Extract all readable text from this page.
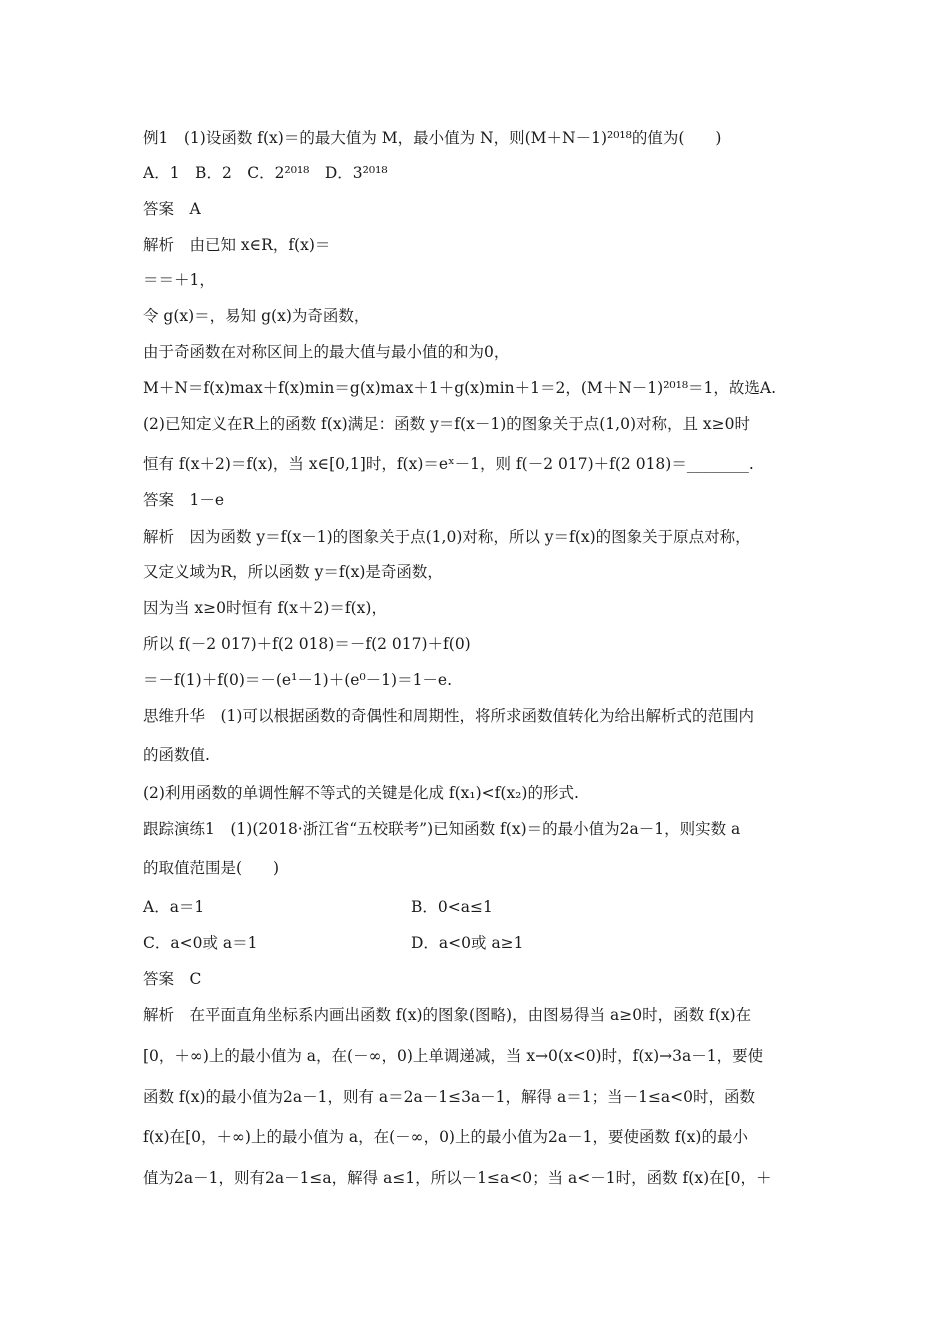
例1　(1)设函数 f(x)＝的最大值为 M，最小值为 N，则(M＋N－1)²⁰¹⁸的值为(　　)
A．1　B．2　C．2²⁰¹⁸　D．3²⁰¹⁸
答案　A
解析　由已知 x∈R，f(x)＝
＝＝＋1，
令 g(x)＝，易知 g(x)为奇函数，
由于奇函数在对称区间上的最大值与最小值的和为0，
M＋N＝f(x)max＋f(x)min＝g(x)max＋1＋g(x)min＋1＝2，(M＋N－1)²⁰¹⁸＝1，故选A.
(2)已知定义在R上的函数 f(x)满足：函数 y＝f(x－1)的图象关于点(1,0)对称，且 x≥0时
恒有 f(x＋2)＝f(x)，当 x∈[0,1]时，f(x)＝eˣ－1，则 f(－2 017)＋f(2 018)＝________.
答案　1－e
解析　因为函数 y＝f(x－1)的图象关于点(1,0)对称，所以 y＝f(x)的图象关于原点对称，
又定义域为R，所以函数 y＝f(x)是奇函数，
因为当 x≥0时恒有 f(x＋2)＝f(x)，
所以 f(－2 017)＋f(2 018)＝－f(2 017)＋f(0)
＝－f(1)＋f(0)＝－(e¹－1)＋(e⁰－1)＝1－e.
思维升华　(1)可以根据函数的奇偶性和周期性，将所求函数值转化为给出解析式的范围内
的函数值.
(2)利用函数的单调性解不等式的关键是化成 f(x₁)<f(x₂)的形式.
跟踪演练1　(1)(2018·浙江省“五校联考”)已知函数 f(x)＝的最小值为2a－1，则实数 a
的取值范围是(　　)
A．a＝1	B．0<a≤1
C．a<0或 a＝1	D．a<0或 a≥1
答案　C
解析　在平面直角坐标系内画出函数 f(x)的图象(图略)，由图易得当 a≥0时，函数 f(x)在
[0，＋∞)上的最小值为 a，在(－∞，0)上单调递减，当 x→0(x<0)时，f(x)→3a－1，要使
函数 f(x)的最小值为2a－1，则有 a＝2a－1≤3a－1，解得 a＝1；当－1≤a<0时，函数
f(x)在[0，＋∞)上的最小值为 a，在(－∞，0)上的最小值为2a－1，要使函数 f(x)的最小
值为2a－1，则有2a－1≤a，解得 a≤1，所以－1≤a<0；当 a<－1时，函数 f(x)在[0，＋
